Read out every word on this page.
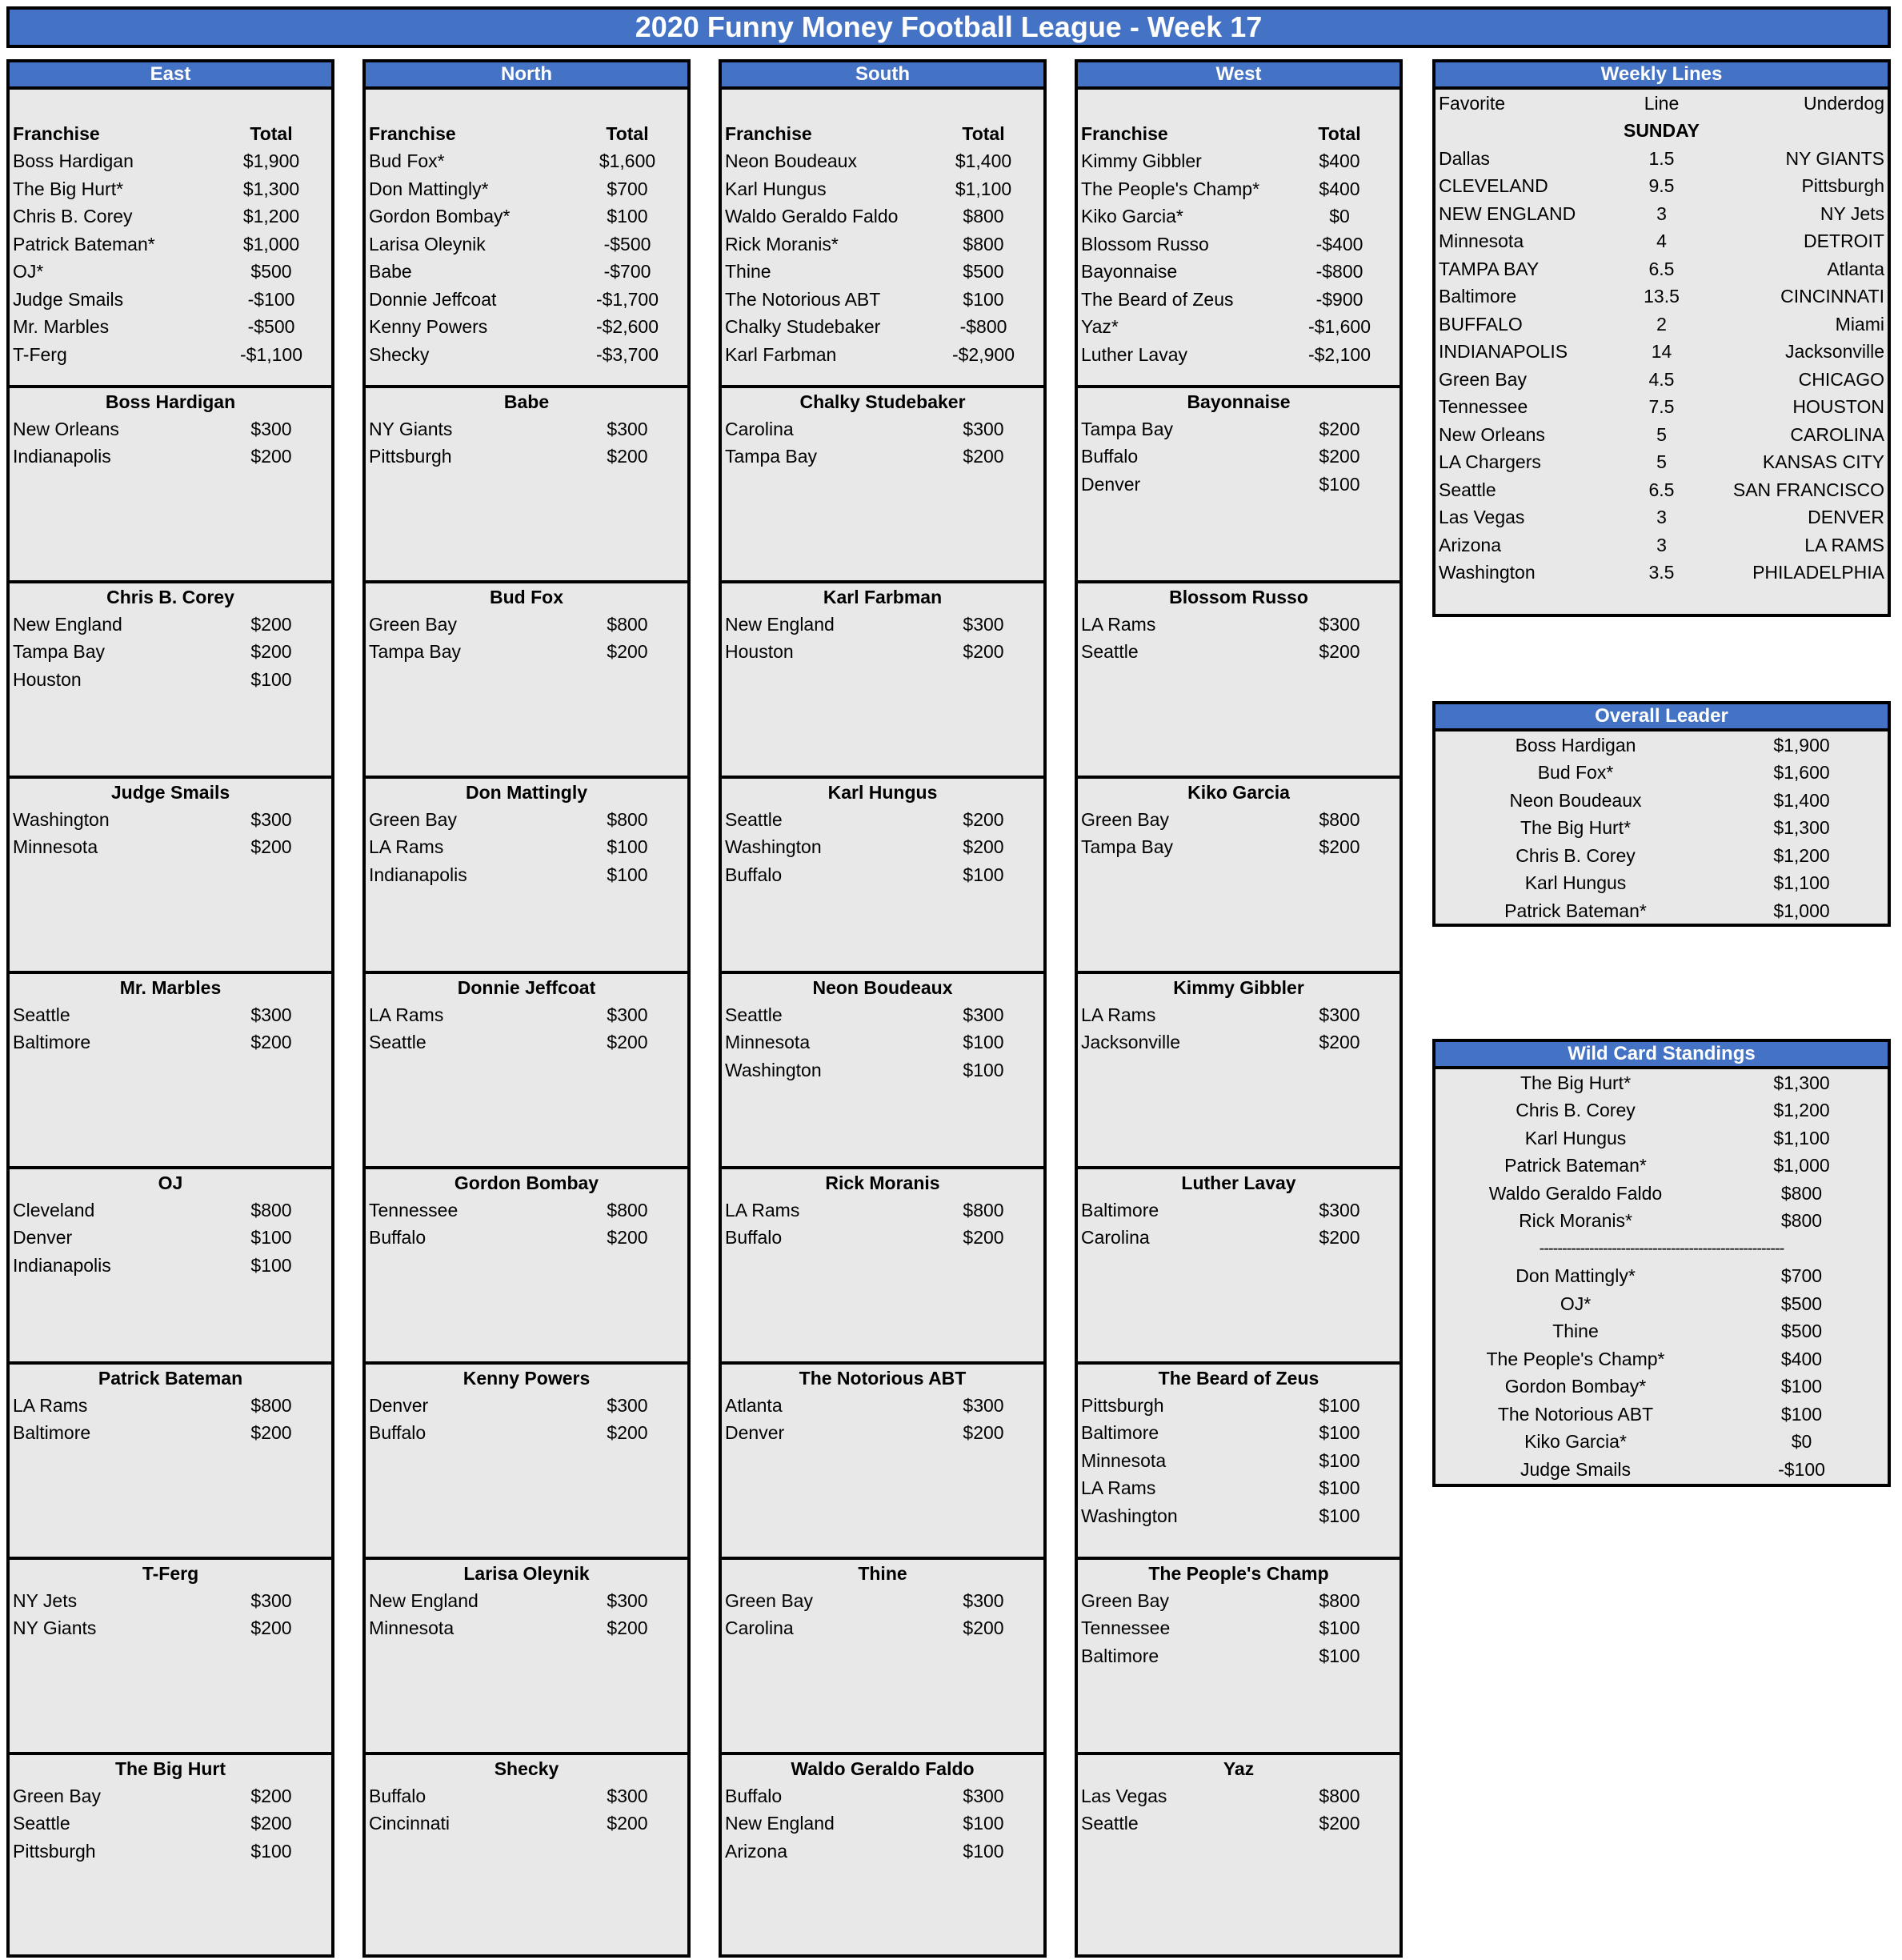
2020 Funny Money Football League - Week 17
East
Franchise	Total
Boss Hardigan	$1,900
The Big Hurt*	$1,300
Chris B. Corey	$1,200
Patrick Bateman*	$1,000
OJ*	$500
Judge Smails	-$100
Mr. Marbles	-$500
T-Ferg	-$1,100
Boss Hardigan
New Orleans	$300
Indianapolis	$200
Chris B. Corey
New England	$200
Tampa Bay	$200
Houston	$100
Judge Smails
Washington	$300
Minnesota	$200
Mr. Marbles
Seattle	$300
Baltimore	$200
OJ
Cleveland	$800
Denver	$100
Indianapolis	$100
Patrick Bateman
LA Rams	$800
Baltimore	$200
T-Ferg
NY Jets	$300
NY Giants	$200
The Big Hurt
Green Bay	$200
Seattle	$200
Pittsburgh	$100
North
Franchise	Total
Bud Fox*	$1,600
Don Mattingly*	$700
Gordon Bombay*	$100
Larisa Oleynik	-$500
Babe	-$700
Donnie Jeffcoat	-$1,700
Kenny Powers	-$2,600
Shecky	-$3,700
Babe
NY Giants	$300
Pittsburgh	$200
Bud Fox
Green Bay	$800
Tampa Bay	$200
Don Mattingly
Green Bay	$800
LA Rams	$100
Indianapolis	$100
Donnie Jeffcoat
LA Rams	$300
Seattle	$200
Gordon Bombay
Tennessee	$800
Buffalo	$200
Kenny Powers
Denver	$300
Buffalo	$200
Larisa Oleynik
New England	$300
Minnesota	$200
Shecky
Buffalo	$300
Cincinnati	$200
South
Franchise	Total
Neon Boudeaux	$1,400
Karl Hungus	$1,100
Waldo Geraldo Faldo	$800
Rick Moranis*	$800
Thine	$500
The Notorious ABT	$100
Chalky Studebaker	-$800
Karl Farbman	-$2,900
Chalky Studebaker
Carolina	$300
Tampa Bay	$200
Karl Farbman
New England	$300
Houston	$200
Karl Hungus
Seattle	$200
Washington	$200
Buffalo	$100
Neon Boudeaux
Seattle	$300
Minnesota	$100
Washington	$100
Rick Moranis
LA Rams	$800
Buffalo	$200
The Notorious ABT
Atlanta	$300
Denver	$200
Thine
Green Bay	$300
Carolina	$200
Waldo Geraldo Faldo
Buffalo	$300
New England	$100
Arizona	$100
West
Franchise	Total
Kimmy Gibbler	$400
The People's Champ*	$400
Kiko Garcia*	$0
Blossom Russo	-$400
Bayonnaise	-$800
The Beard of Zeus	-$900
Yaz*	-$1,600
Luther Lavay	-$2,100
Bayonnaise
Tampa Bay	$200
Buffalo	$200
Denver	$100
Blossom Russo
LA Rams	$300
Seattle	$200
Kiko Garcia
Green Bay	$800
Tampa Bay	$200
Kimmy Gibbler
LA Rams	$300
Jacksonville	$200
Luther Lavay
Baltimore	$300
Carolina	$200
The Beard of Zeus
Pittsburgh	$100
Baltimore	$100
Minnesota	$100
LA Rams	$100
Washington	$100
The People's Champ
Green Bay	$800
Tennessee	$100
Baltimore	$100
Yaz
Las Vegas	$800
Seattle	$200
Weekly Lines
Favorite	Line	Underdog
SUNDAY
Dallas	1.5	NY GIANTS
CLEVELAND	9.5	Pittsburgh
NEW ENGLAND	3	NY Jets
Minnesota	4	DETROIT
TAMPA BAY	6.5	Atlanta
Baltimore	13.5	CINCINNATI
BUFFALO	2	Miami
INDIANAPOLIS	14	Jacksonville
Green Bay	4.5	CHICAGO
Tennessee	7.5	HOUSTON
New Orleans	5	CAROLINA
LA Chargers	5	KANSAS CITY
Seattle	6.5	SAN FRANCISCO
Las Vegas	3	DENVER
Arizona	3	LA RAMS
Washington	3.5	PHILADELPHIA
Overall Leader
Boss Hardigan	$1,900
Bud Fox*	$1,600
Neon Boudeaux	$1,400
The Big Hurt*	$1,300
Chris B. Corey	$1,200
Karl Hungus	$1,100
Patrick Bateman*	$1,000
Wild Card Standings
The Big Hurt*	$1,300
Chris B. Corey	$1,200
Karl Hungus	$1,100
Patrick Bateman*	$1,000
Waldo Geraldo Faldo	$800
Rick Moranis*	$800
------------------------------------------------------
Don Mattingly*	$700
OJ*	$500
Thine	$500
The People's Champ*	$400
Gordon Bombay*	$100
The Notorious ABT	$100
Kiko Garcia*	$0
Judge Smails	-$100
